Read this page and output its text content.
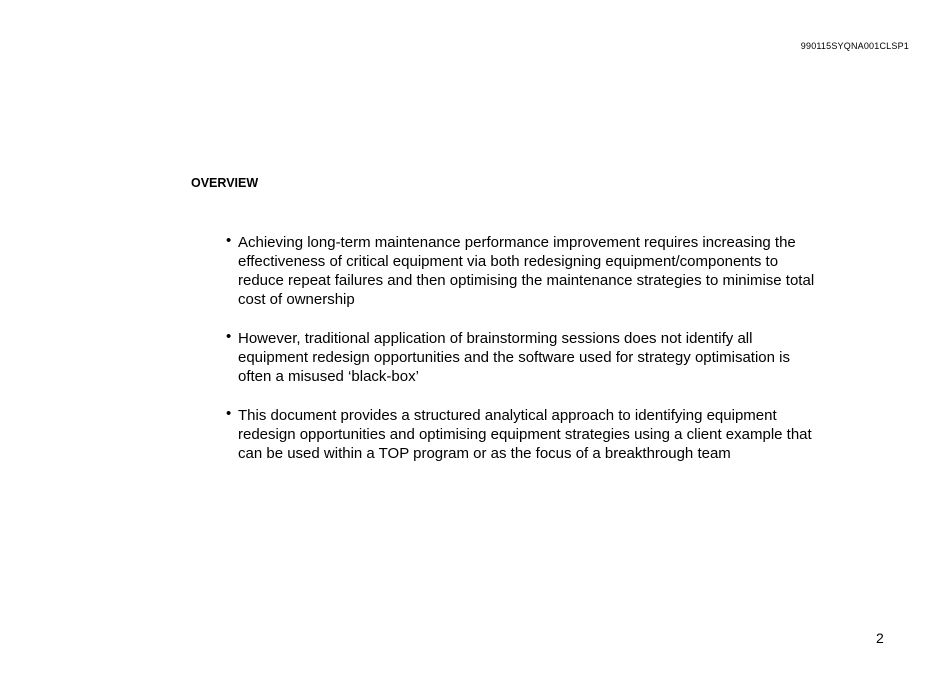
990115SYQNA001CLSP1
OVERVIEW
• Achieving long-term maintenance performance improvement requires increasing the effectiveness of critical equipment via both redesigning equipment/components to reduce repeat failures and then optimising the maintenance strategies to minimise total cost of ownership
• However, traditional application of brainstorming sessions does not identify all equipment redesign opportunities and the software used for strategy optimisation is often a misused ‘black-box’
• This document provides a structured analytical approach to identifying equipment redesign opportunities and optimising equipment strategies using a client example that can be used within a TOP program or as the focus of a breakthrough team
2
